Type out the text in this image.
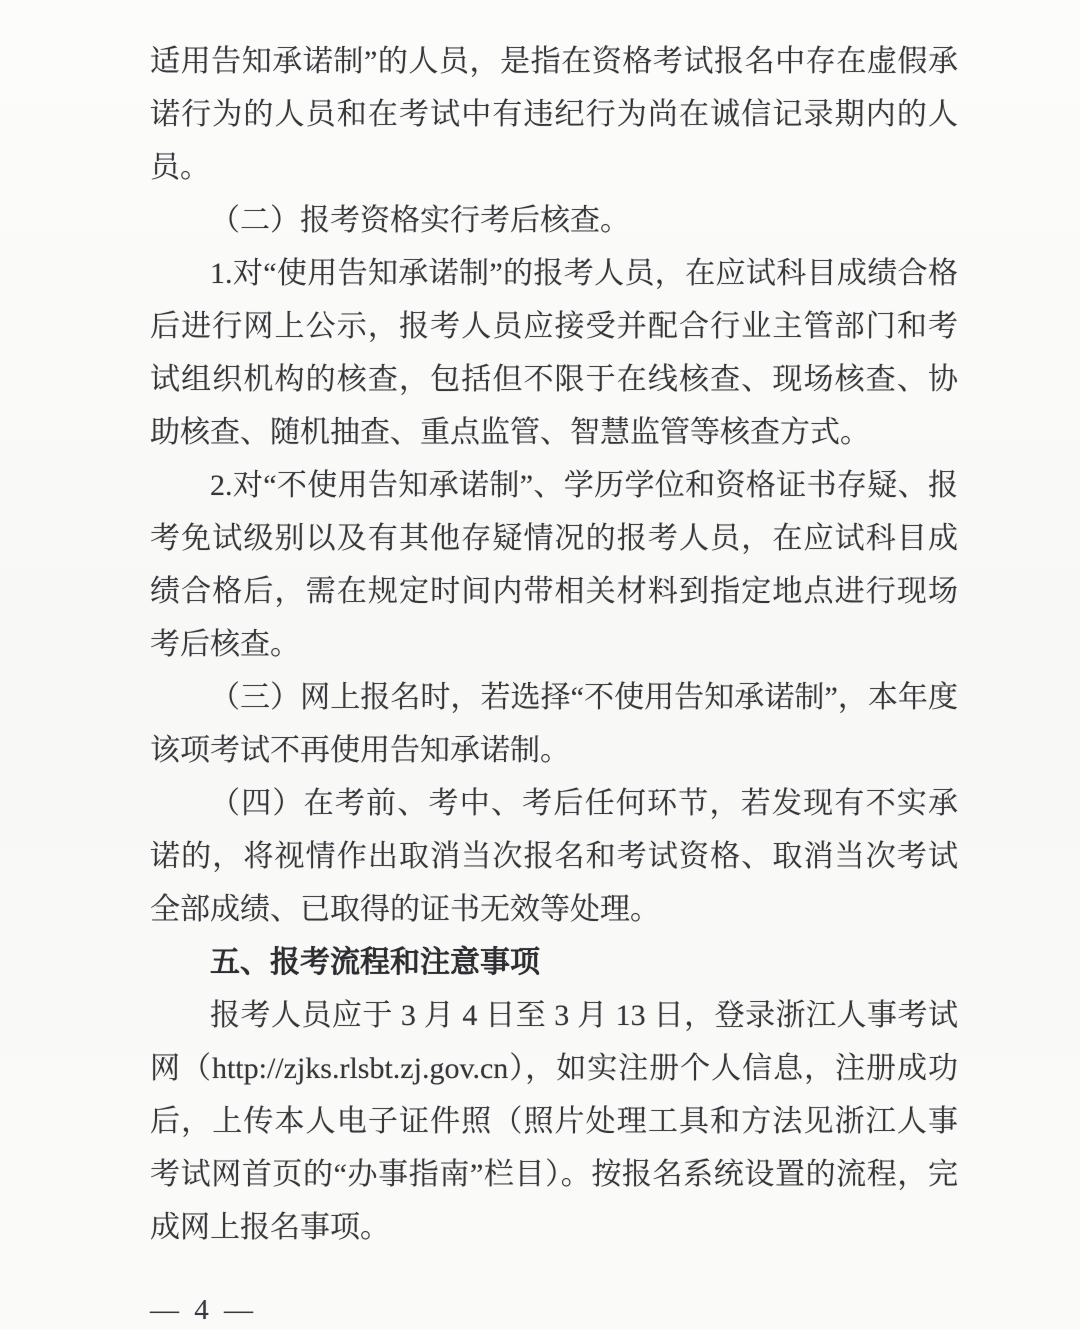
适用告知承诺制”的人员，是指在资格考试报名中存在虚假承诺行为的人员和在考试中有违纪行为尚在诚信记录期内的人员。

（二）报考资格实行考后核查。

1.对“使用告知承诺制”的报考人员，在应试科目成绩合格后进行网上公示，报考人员应接受并配合行业主管部门和考试组织机构的核查，包括但不限于在线核查、现场核查、协助核查、随机抽查、重点监管、智慧监管等核查方式。

2.对“不使用告知承诺制”、学历学位和资格证书存疑、报考免试级别以及有其他存疑情况的报考人员，在应试科目成绩合格后，需在规定时间内带相关材料到指定地点进行现场考后核查。

（三）网上报名时，若选择“不使用告知承诺制”，本年度该项考试不再使用告知承诺制。

（四）在考前、考中、考后任何环节，若发现有不实承诺的，将视情作出取消当次报名和考试资格、取消当次考试全部成绩、已取得的证书无效等处理。

五、报考流程和注意事项

报考人员应于 3 月 4 日至 3 月 13 日，登录浙江人事考试网（http://zjks.rlsbt.zj.gov.cn），如实注册个人信息，注册成功后，上传本人电子证件照（照片处理工具和方法见浙江人事考试网首页的“办事指南”栏目）。按报名系统设置的流程，完成网上报名事项。

— 4 —
